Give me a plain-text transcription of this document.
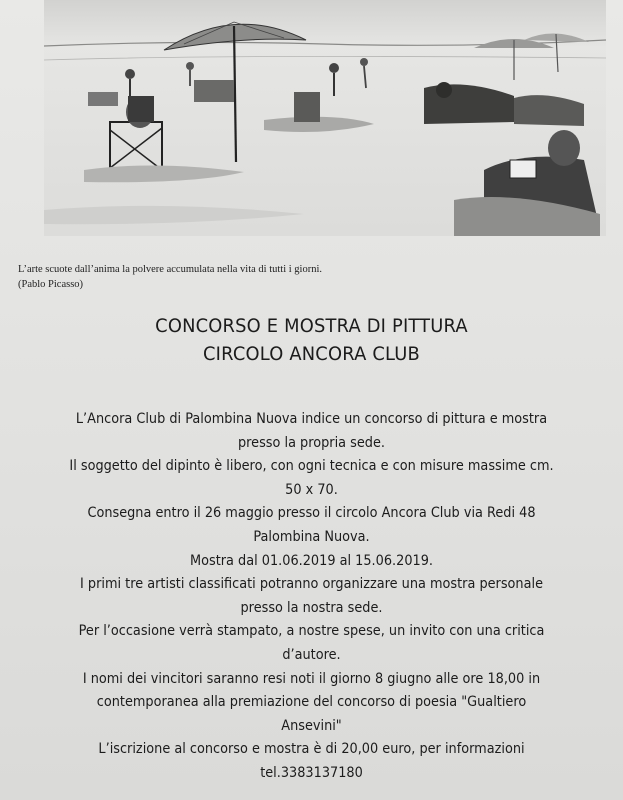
L’arte scuote dall’anima la polvere accumulata nella vita di tutti i giorni.
(Pablo Picasso)
CONCORSO E MOSTRA DI PITTURA
CIRCOLO ANCORA CLUB
L’Ancora Club di Palombina Nuova indice un concorso di pittura e mostra
presso la propria sede.
Il soggetto del dipinto è libero, con ogni tecnica e con misure massime cm.
50 x 70.
Consegna entro il 26 maggio presso il circolo Ancora Club via Redi 48
Palombina Nuova.
Mostra dal 01.06.2019 al 15.06.2019.
I primi tre artisti classificati potranno organizzare una mostra personale
presso la nostra sede.
Per l’occasione verrà stampato, a nostre spese, un invito con una critica
d’autore.
I nomi dei vincitori saranno resi noti il giorno 8 giugno alle ore 18,00 in
contemporanea alla premiazione del concorso di poesia "Gualtiero
Ansevini"
L’iscrizione al concorso e mostra è di 20,00 euro, per informazioni
tel.3383137180
